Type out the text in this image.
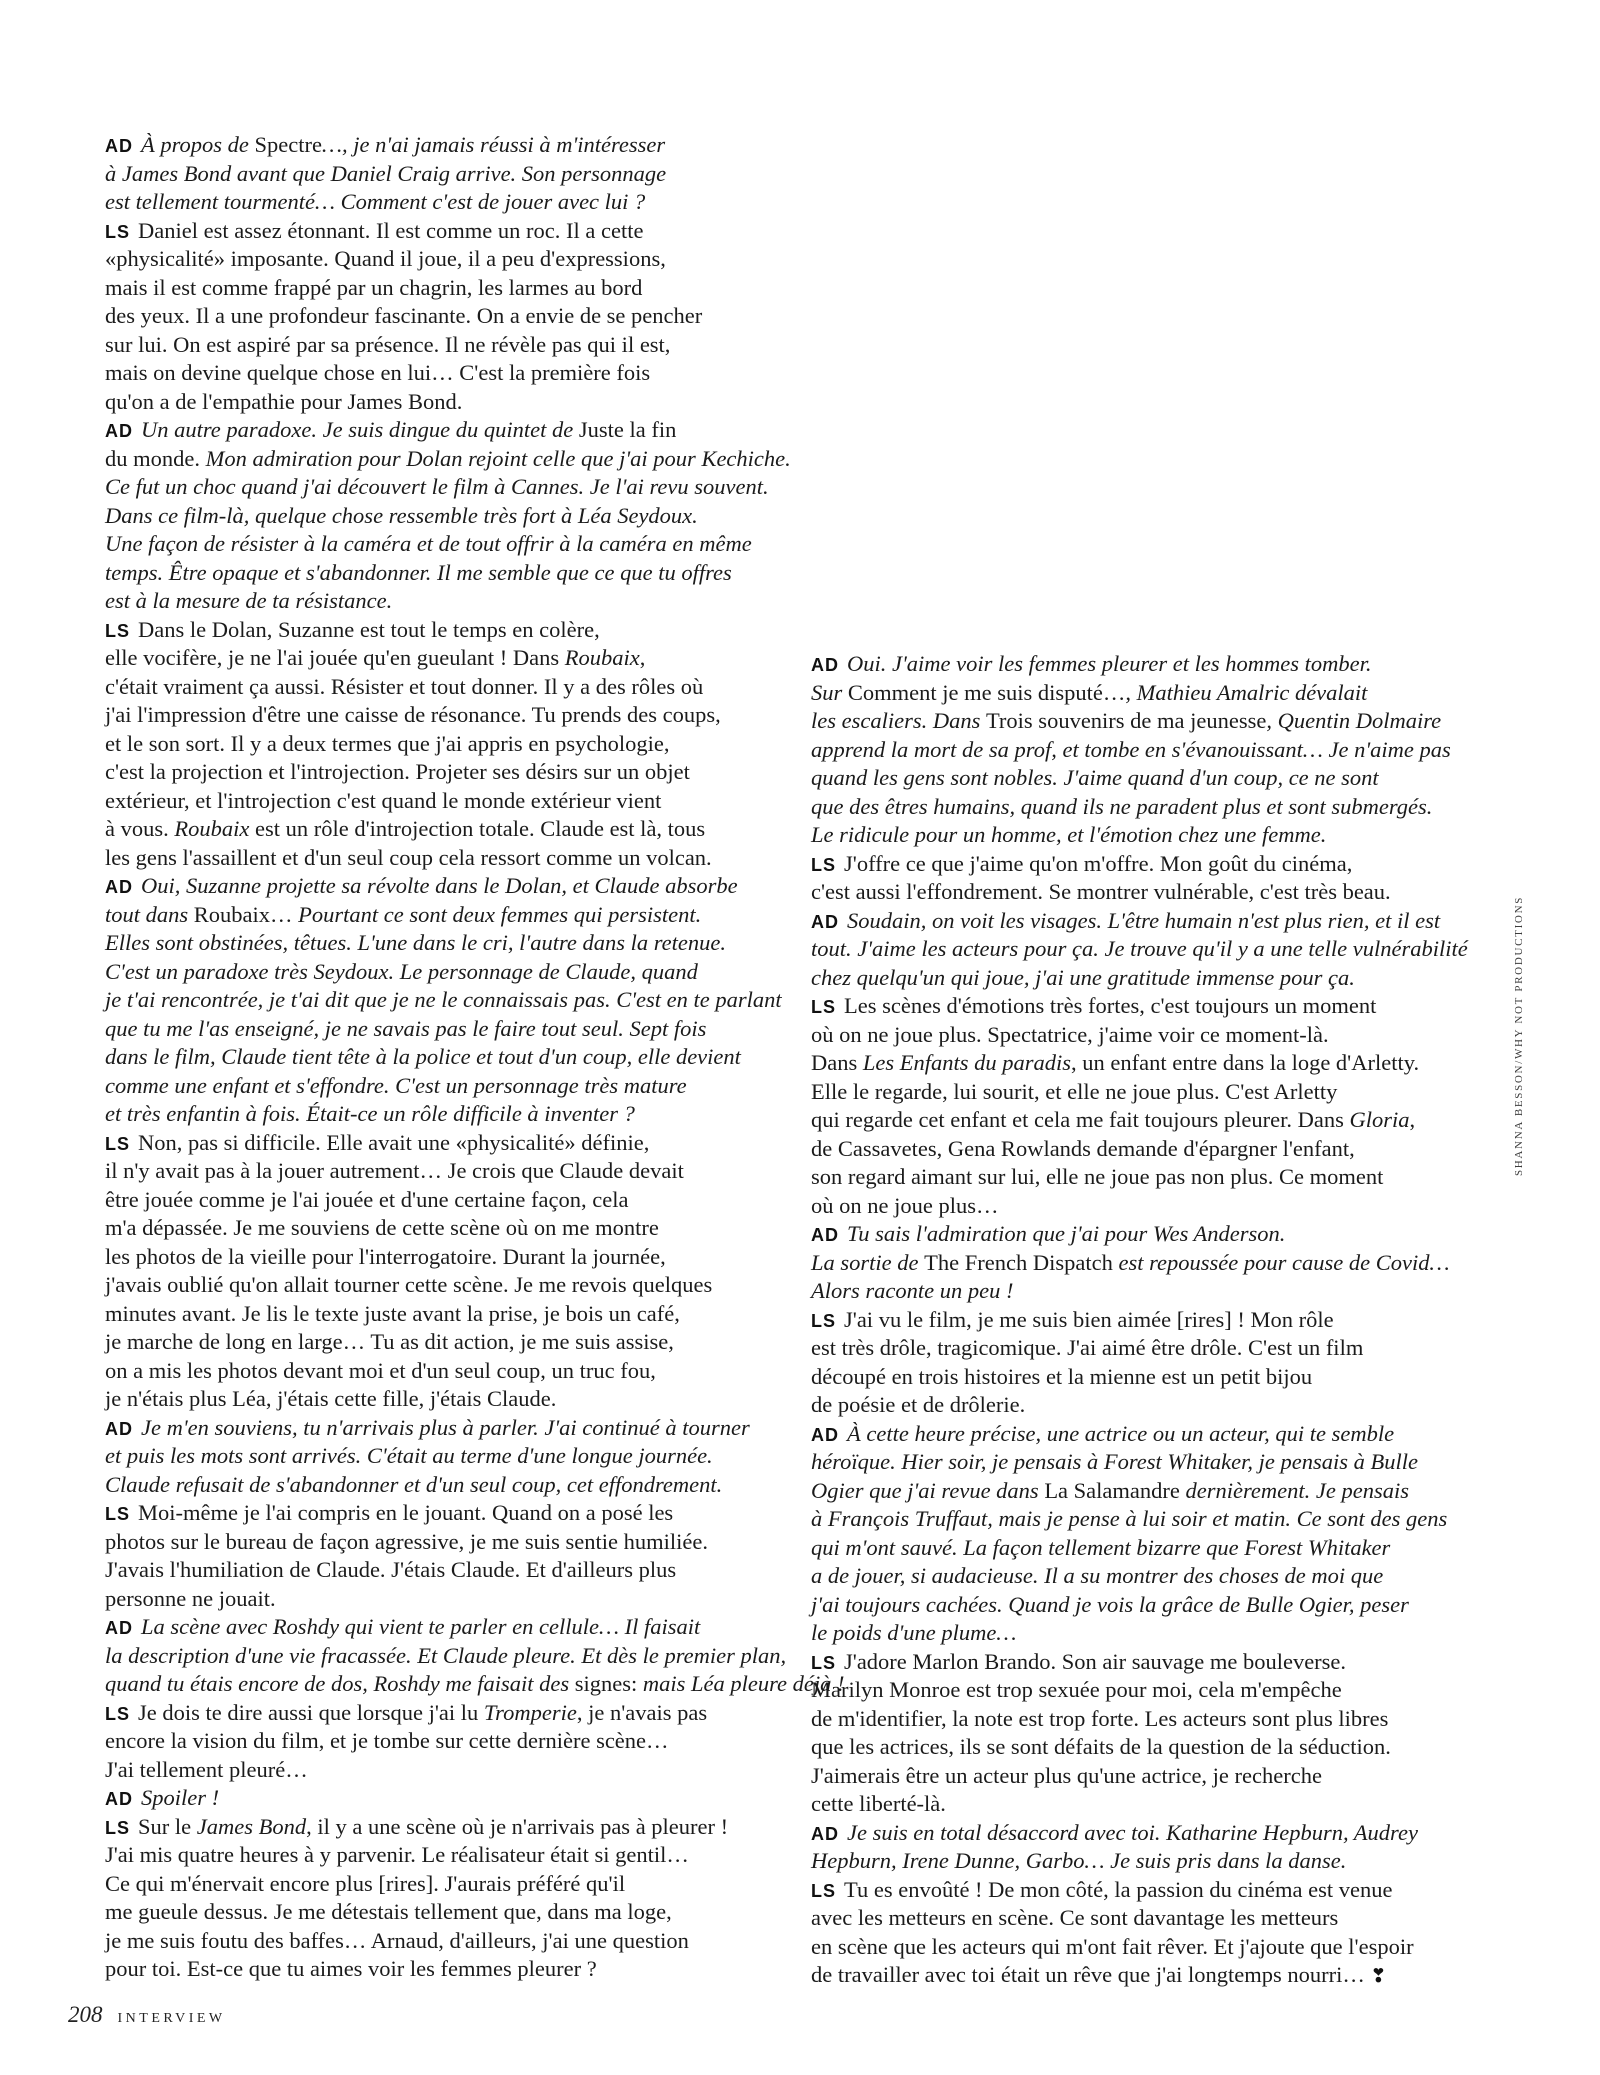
AD À propos de Spectre…, je n'ai jamais réussi à m'intéresser
à James Bond avant que Daniel Craig arrive. Son personnage
est tellement tourmenté… Comment c'est de jouer avec lui ?
LS Daniel est assez étonnant. Il est comme un roc. Il a cette
«physicalité» imposante. Quand il joue, il a peu d'expressions,
mais il est comme frappé par un chagrin, les larmes au bord
des yeux. Il a une profondeur fascinante. On a envie de se pencher
sur lui. On est aspiré par sa présence. Il ne révèle pas qui il est,
mais on devine quelque chose en lui… C'est la première fois
qu'on a de l'empathie pour James Bond.
AD Un autre paradoxe. Je suis dingue du quintet de Juste la fin
du monde. Mon admiration pour Dolan rejoint celle que j'ai pour Kechiche.
Ce fut un choc quand j'ai découvert le film à Cannes. Je l'ai revu souvent.
Dans ce film-là, quelque chose ressemble très fort à Léa Seydoux.
Une façon de résister à la caméra et de tout offrir à la caméra en même
temps. Être opaque et s'abandonner. Il me semble que ce que tu offres
est à la mesure de ta résistance.
LS Dans le Dolan, Suzanne est tout le temps en colère,
elle vocifère, je ne l'ai jouée qu'en gueulant ! Dans Roubaix,
c'était vraiment ça aussi. Résister et tout donner. Il y a des rôles où
j'ai l'impression d'être une caisse de résonance. Tu prends des coups,
et le son sort. Il y a deux termes que j'ai appris en psychologie,
c'est la projection et l'introjection. Projeter ses désirs sur un objet
extérieur, et l'introjection c'est quand le monde extérieur vient
à vous. Roubaix est un rôle d'introjection totale. Claude est là, tous
les gens l'assaillent et d'un seul coup cela ressort comme un volcan.
AD Oui, Suzanne projette sa révolte dans le Dolan, et Claude absorbe
tout dans Roubaix… Pourtant ce sont deux femmes qui persistent.
Elles sont obstinées, têtues. L'une dans le cri, l'autre dans la retenue.
C'est un paradoxe très Seydoux. Le personnage de Claude, quand
je t'ai rencontrée, je t'ai dit que je ne le connaissais pas. C'est en te parlant
que tu me l'as enseigné, je ne savais pas le faire tout seul. Sept fois
dans le film, Claude tient tête à la police et tout d'un coup, elle devient
comme une enfant et s'effondre. C'est un personnage très mature
et très enfantin à fois. Était-ce un rôle difficile à inventer ?
LS Non, pas si difficile. Elle avait une «physicalité» définie,
il n'y avait pas à la jouer autrement… Je crois que Claude devait
être jouée comme je l'ai jouée et d'une certaine façon, cela
m'a dépassée. Je me souviens de cette scène où on me montre
les photos de la vieille pour l'interrogatoire. Durant la journée,
j'avais oublié qu'on allait tourner cette scène. Je me revois quelques
minutes avant. Je lis le texte juste avant la prise, je bois un café,
je marche de long en large… Tu as dit action, je me suis assise,
on a mis les photos devant moi et d'un seul coup, un truc fou,
je n'étais plus Léa, j'étais cette fille, j'étais Claude.
AD Je m'en souviens, tu n'arrivais plus à parler. J'ai continué à tourner
et puis les mots sont arrivés. C'était au terme d'une longue journée.
Claude refusait de s'abandonner et d'un seul coup, cet effondrement.
LS Moi-même je l'ai compris en le jouant. Quand on a posé les
photos sur le bureau de façon agressive, je me suis sentie humiliée.
J'avais l'humiliation de Claude. J'étais Claude. Et d'ailleurs plus
personne ne jouait.
AD La scène avec Roshdy qui vient te parler en cellule… Il faisait
la description d'une vie fracassée. Et Claude pleure. Et dès le premier plan,
quand tu étais encore de dos, Roshdy me faisait des signes: mais Léa pleure déjà !
LS Je dois te dire aussi que lorsque j'ai lu Tromperie, je n'avais pas
encore la vision du film, et je tombe sur cette dernière scène…
J'ai tellement pleuré…
AD Spoiler !
LS Sur le James Bond, il y a une scène où je n'arrivais pas à pleurer !
J'ai mis quatre heures à y parvenir. Le réalisateur était si gentil…
Ce qui m'énervait encore plus [rires]. J'aurais préféré qu'il
me gueule dessus. Je me détestais tellement que, dans ma loge,
je me suis foutu des baffes… Arnaud, d'ailleurs, j'ai une question
pour toi. Est-ce que tu aimes voir les femmes pleurer ?
AD Oui. J'aime voir les femmes pleurer et les hommes tomber.
Sur Comment je me suis disputé…, Mathieu Amalric dévalait
les escaliers. Dans Trois souvenirs de ma jeunesse, Quentin Dolmaire
apprend la mort de sa prof, et tombe en s'évanouissant… Je n'aime pas
quand les gens sont nobles. J'aime quand d'un coup, ce ne sont
que des êtres humains, quand ils ne paradent plus et sont submergés.
Le ridicule pour un homme, et l'émotion chez une femme.
LS J'offre ce que j'aime qu'on m'offre. Mon goût du cinéma,
c'est aussi l'effondrement. Se montrer vulnérable, c'est très beau.
AD Soudain, on voit les visages. L'être humain n'est plus rien, et il est
tout. J'aime les acteurs pour ça. Je trouve qu'il y a une telle vulnérabilité
chez quelqu'un qui joue, j'ai une gratitude immense pour ça.
LS Les scènes d'émotions très fortes, c'est toujours un moment
où on ne joue plus. Spectatrice, j'aime voir ce moment-là.
Dans Les Enfants du paradis, un enfant entre dans la loge d'Arletty.
Elle le regarde, lui sourit, et elle ne joue plus. C'est Arletty
qui regarde cet enfant et cela me fait toujours pleurer. Dans Gloria,
de Cassavetes, Gena Rowlands demande d'épargner l'enfant,
son regard aimant sur lui, elle ne joue pas non plus. Ce moment
où on ne joue plus…
AD Tu sais l'admiration que j'ai pour Wes Anderson.
La sortie de The French Dispatch est repoussée pour cause de Covid…
Alors raconte un peu !
LS J'ai vu le film, je me suis bien aimée [rires] ! Mon rôle
est très drôle, tragicomique. J'ai aimé être drôle. C'est un film
découpé en trois histoires et la mienne est un petit bijou
de poésie et de drôlerie.
AD À cette heure précise, une actrice ou un acteur, qui te semble
héroïque. Hier soir, je pensais à Forest Whitaker, je pensais à Bulle
Ogier que j'ai revue dans La Salamandre dernièrement. Je pensais
à François Truffaut, mais je pense à lui soir et matin. Ce sont des gens
qui m'ont sauvé. La façon tellement bizarre que Forest Whitaker
a de jouer, si audacieuse. Il a su montrer des choses de moi que
j'ai toujours cachées. Quand je vois la grâce de Bulle Ogier, peser
le poids d'une plume…
LS J'adore Marlon Brando. Son air sauvage me bouleverse.
Marilyn Monroe est trop sexuée pour moi, cela m'empêche
de m'identifier, la note est trop forte. Les acteurs sont plus libres
que les actrices, ils se sont défaits de la question de la séduction.
J'aimerais être un acteur plus qu'une actrice, je recherche
cette liberté-là.
AD Je suis en total désaccord avec toi. Katharine Hepburn, Audrey
Hepburn, Irene Dunne, Garbo… Je suis pris dans la danse.
LS Tu es envoûté ! De mon côté, la passion du cinéma est venue
avec les metteurs en scène. Ce sont davantage les metteurs
en scène que les acteurs qui m'ont fait rêver. Et j'ajoute que l'espoir
de travailler avec toi était un rêve que j'ai longtemps nourri… ❣
SHANNA BESSON/WHY NOT PRODUCTIONS
208 INTERVIEW
